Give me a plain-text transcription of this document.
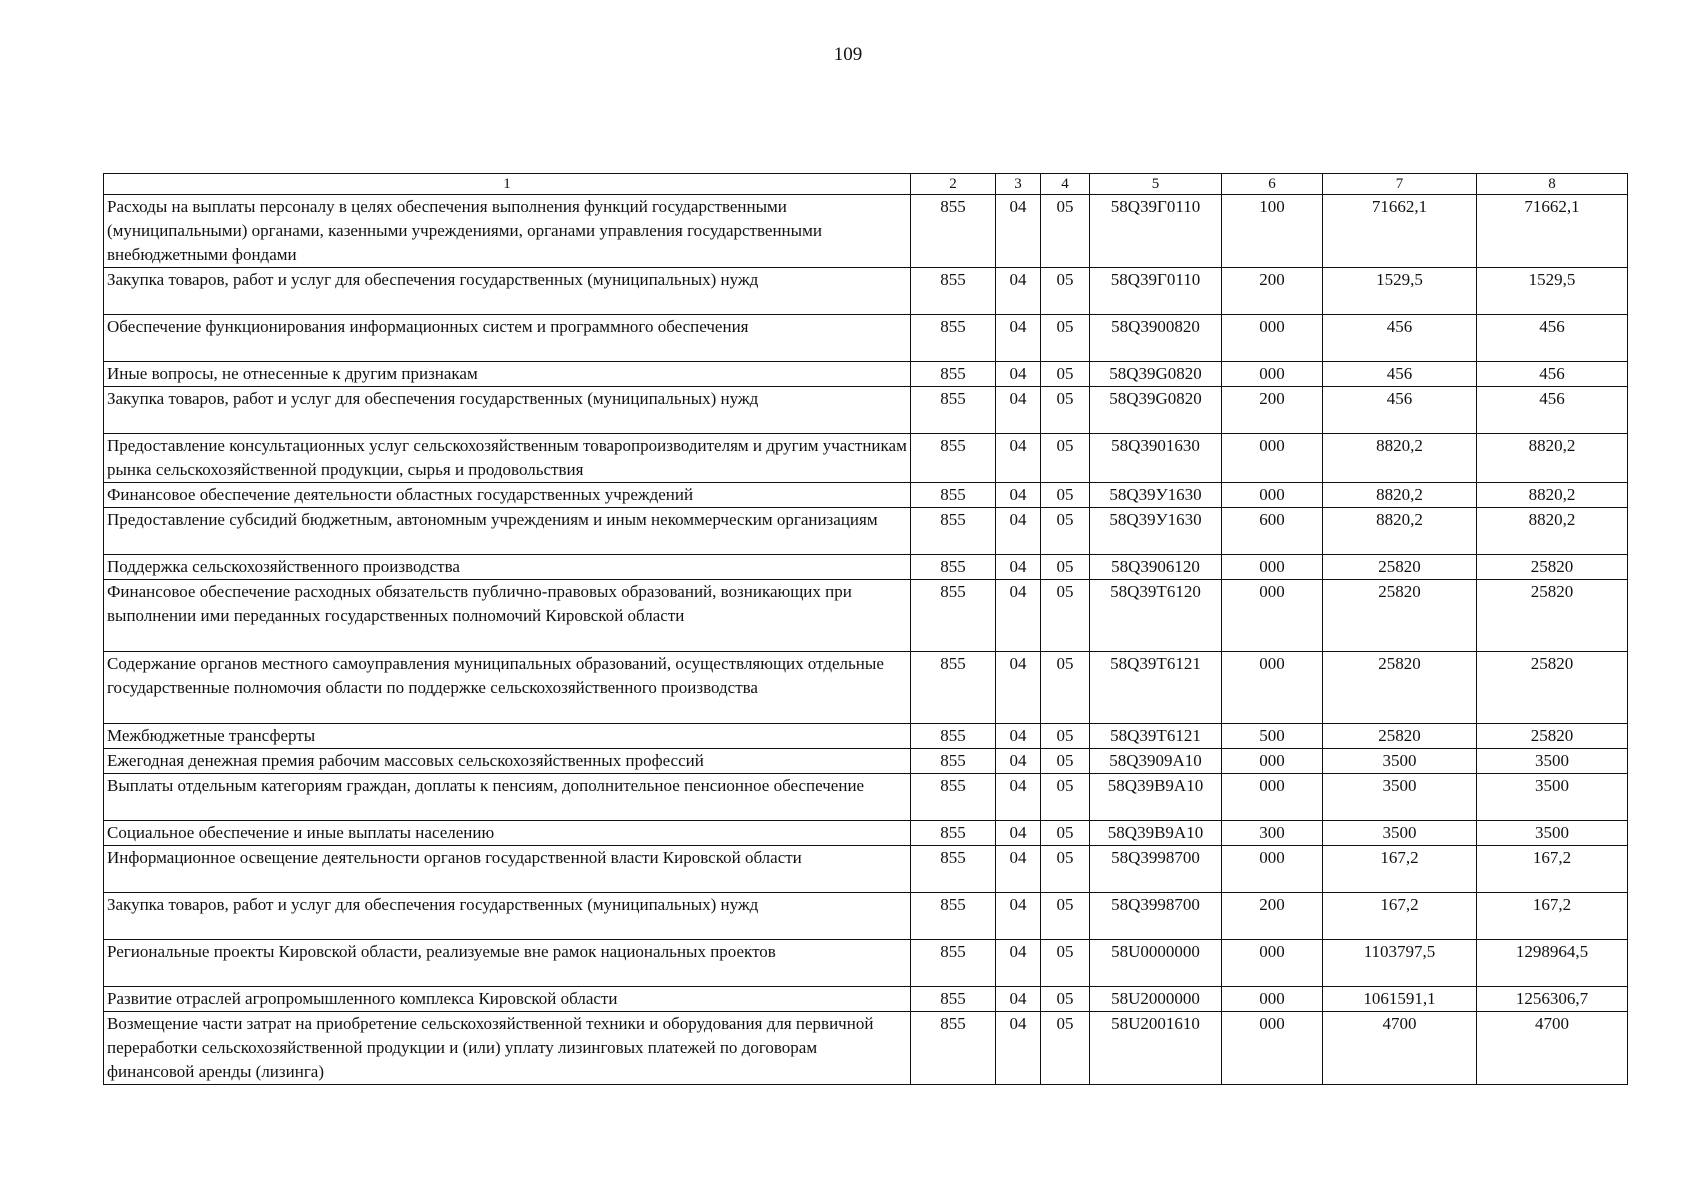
109
1	2	3	4	5	6	7	8
Расходы на выплаты персоналу в целях обеспечения выполнения функций государственными (муниципальными) органами, казенными учреждениями, органами управления государственными внебюджетными фондами	855	04	05	58Q39Г0110	100	71662,1	71662,1
Закупка товаров, работ и услуг для обеспечения государственных (муниципальных) нужд	855	04	05	58Q39Г0110	200	1529,5	1529,5
Обеспечение функционирования информационных систем и программного обеспечения	855	04	05	58Q3900820	000	456	456
Иные вопросы, не отнесенные к другим признакам	855	04	05	58Q39G0820	000	456	456
Закупка товаров, работ и услуг для обеспечения государственных (муниципальных) нужд	855	04	05	58Q39G0820	200	456	456
Предоставление консультационных услуг сельскохозяйственным товаропроизводителям и другим участникам рынка сельскохозяйственной продукции, сырья и продовольствия	855	04	05	58Q3901630	000	8820,2	8820,2
Финансовое обеспечение деятельности областных государственных учреждений	855	04	05	58Q39У1630	000	8820,2	8820,2
Предоставление субсидий бюджетным, автономным учреждениям и иным некоммерческим организациям	855	04	05	58Q39У1630	600	8820,2	8820,2
Поддержка сельскохозяйственного производства	855	04	05	58Q3906120	000	25820	25820
Финансовое обеспечение расходных обязательств публично-правовых образований, возникающих при выполнении ими переданных государственных полномочий Кировской области	855	04	05	58Q39Т6120	000	25820	25820
Содержание органов местного самоуправления муниципальных образований, осуществляющих отдельные государственные полномочия области по поддержке сельскохозяйственного производства	855	04	05	58Q39Т6121	000	25820	25820
Межбюджетные трансферты	855	04	05	58Q39Т6121	500	25820	25820
Ежегодная денежная премия рабочим массовых сельскохозяйственных профессий	855	04	05	58Q3909A10	000	3500	3500
Выплаты отдельным категориям граждан, доплаты к пенсиям, дополнительное пенсионное обеспечение	855	04	05	58Q39B9A10	000	3500	3500
Социальное обеспечение и иные выплаты населению	855	04	05	58Q39B9A10	300	3500	3500
Информационное освещение деятельности органов государственной власти Кировской области	855	04	05	58Q3998700	000	167,2	167,2
Закупка товаров, работ и услуг для обеспечения государственных (муниципальных) нужд	855	04	05	58Q3998700	200	167,2	167,2
Региональные проекты Кировской области, реализуемые вне рамок национальных проектов	855	04	05	58U0000000	000	1103797,5	1298964,5
Развитие отраслей агропромышленного комплекса Кировской области	855	04	05	58U2000000	000	1061591,1	1256306,7
Возмещение части затрат на приобретение сельскохозяйственной техники и оборудования для первичной переработки сельскохозяйственной продукции и (или) уплату лизинговых платежей по договорам финансовой аренды (лизинга)	855	04	05	58U2001610	000	4700	4700
